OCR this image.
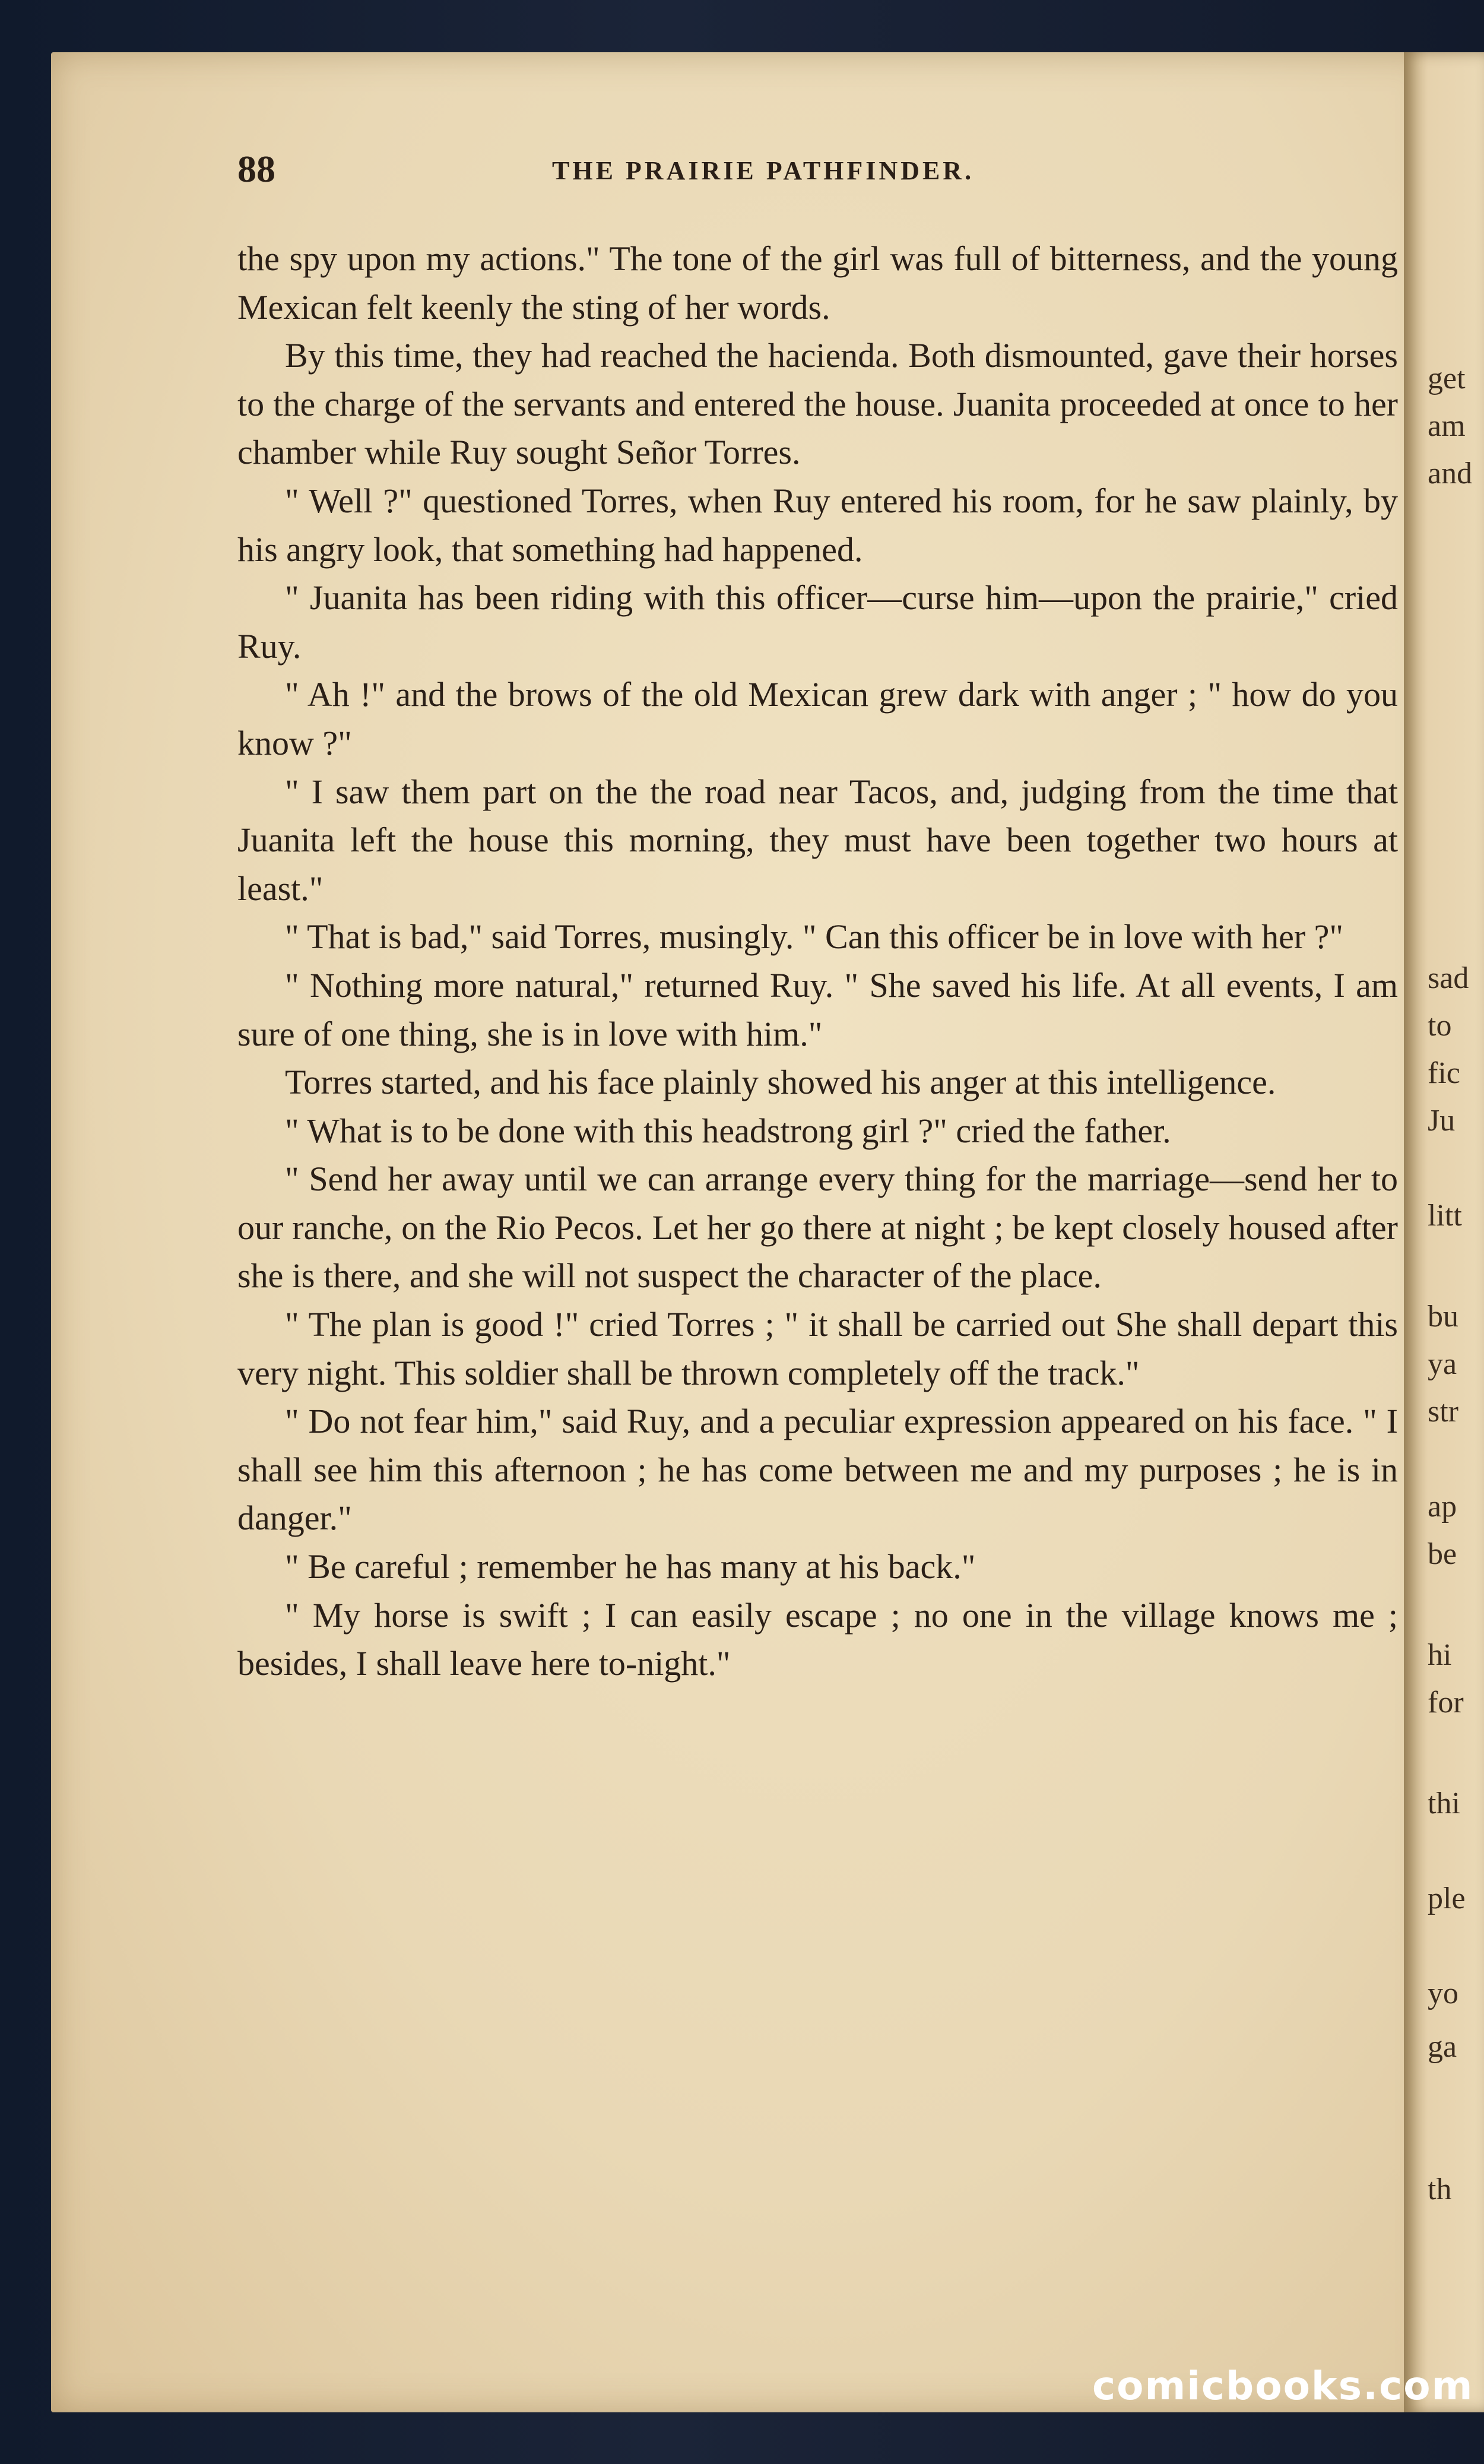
get
am
and
sad
to
fic
Ju
litt
bu
ya
str
ap
be
hi
for
thi
ple
yo
ga
th
88	THE PRAIRIE PATHFINDER.

the spy upon my actions." The tone of the girl was full of bitterness, and the young Mexican felt keenly the sting of her words.

By this time, they had reached the hacienda. Both dismounted, gave their horses to the charge of the servants and entered the house. Juanita proceeded at once to her chamber while Ruy sought Señor Torres.

" Well ?" questioned Torres, when Ruy entered his room, for he saw plainly, by his angry look, that something had happened.

" Juanita has been riding with this officer—curse him—upon the prairie," cried Ruy.

" Ah !" and the brows of the old Mexican grew dark with anger ; " how do you know ?"

" I saw them part on the the road near Tacos, and, judging from the time that Juanita left the house this morning, they must have been together two hours at least."

" That is bad," said Torres, musingly. " Can this officer be in love with her ?"

" Nothing more natural," returned Ruy. " She saved his life. At all events, I am sure of one thing, she is in love with him."

Torres started, and his face plainly showed his anger at this intelligence.

" What is to be done with this headstrong girl ?" cried the father.

" Send her away until we can arrange every thing for the marriage—send her to our ranche, on the Rio Pecos. Let her go there at night ; be kept closely housed after she is there, and she will not suspect the character of the place.

" The plan is good !" cried Torres ; " it shall be carried out She shall depart this very night. This soldier shall be thrown completely off the track."

" Do not fear him," said Ruy, and a peculiar expression appeared on his face. " I shall see him this afternoon ; he has come between me and my purposes ; he is in danger."

" Be careful ; remember he has many at his back."

" My horse is swift ; I can easily escape ; no one in the village knows me ; besides, I shall leave here to-night."

comicbooks.com
